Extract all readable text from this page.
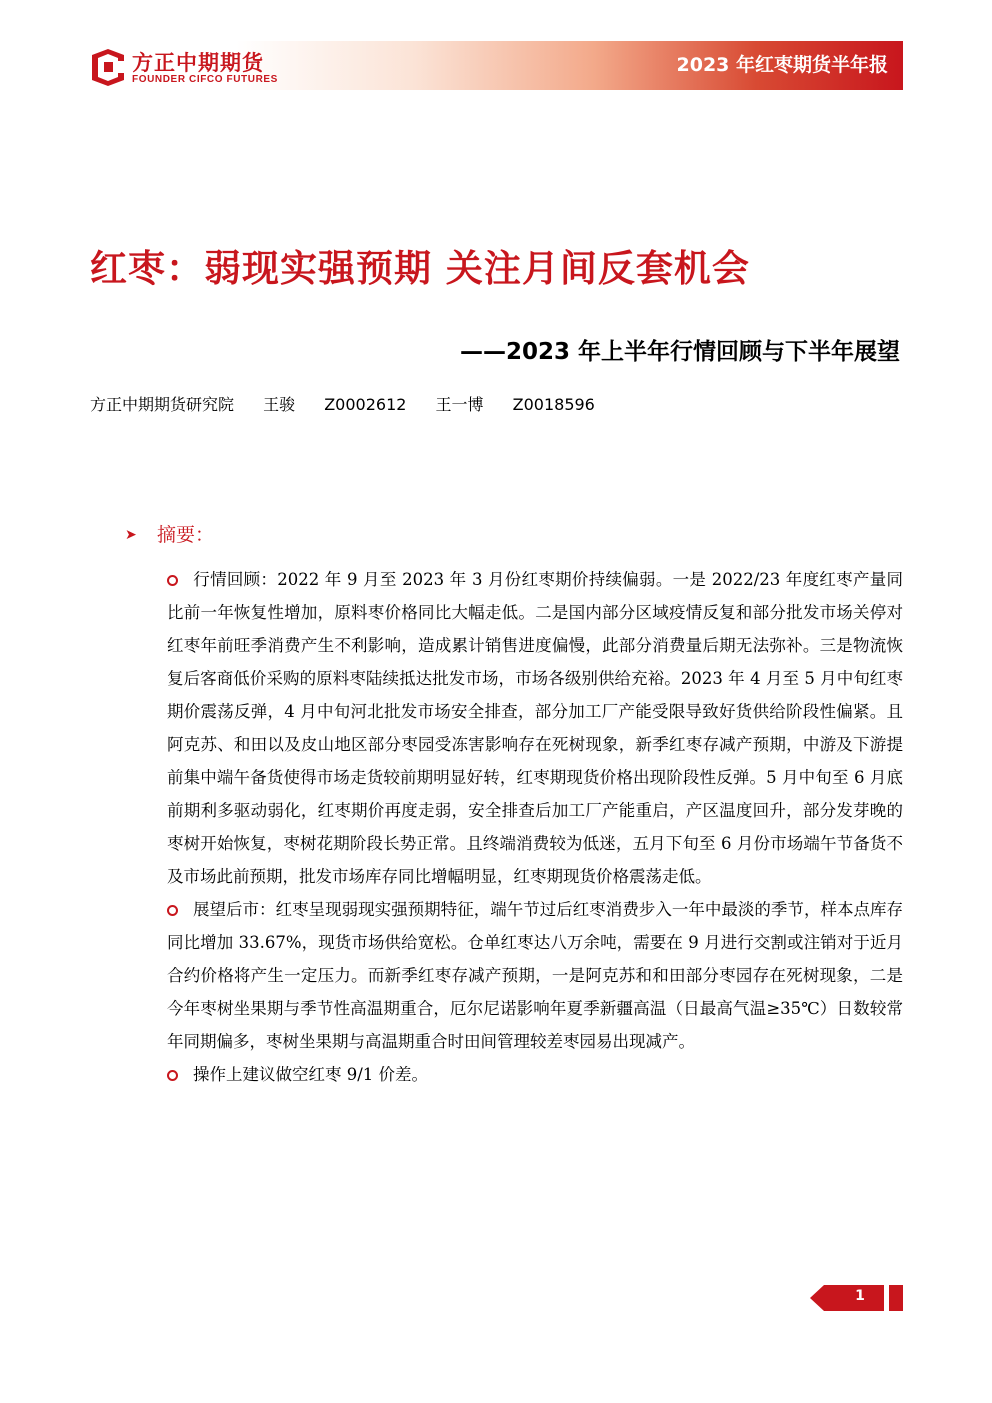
方正中期期货
FOUNDER CIFCO FUTURES
2023 年红枣期货半年报
红枣：弱现实强预期 关注月间反套机会
——2023 年上半年行情回顾与下半年展望
方正中期期货研究院 王骏 Z0002612 王一博 Z0018596
➤ 摘要：
行情回顾：2022 年 9 月至 2023 年 3 月份红枣期价持续偏弱。一是 2022/23 年度红枣产量同比前一年恢复性增加，原料枣价格同比大幅走低。二是国内部分区域疫情反复和部分批发市场关停对红枣年前旺季消费产生不利影响，造成累计销售进度偏慢，此部分消费量后期无法弥补。三是物流恢复后客商低价采购的原料枣陆续抵达批发市场，市场各级别供给充裕。2023 年 4 月至 5 月中旬红枣期价震荡反弹，4 月中旬河北批发市场安全排查，部分加工厂产能受限导致好货供给阶段性偏紧。且阿克苏、和田以及皮山地区部分枣园受冻害影响存在死树现象，新季红枣存减产预期，中游及下游提前集中端午备货使得市场走货较前期明显好转，红枣期现货价格出现阶段性反弹。5 月中旬至 6 月底前期利多驱动弱化，红枣期价再度走弱，安全排查后加工厂产能重启，产区温度回升，部分发芽晚的枣树开始恢复，枣树花期阶段长势正常。且终端消费较为低迷，五月下旬至 6 月份市场端午节备货不及市场此前预期，批发市场库存同比增幅明显，红枣期现货价格震荡走低。
展望后市：红枣呈现弱现实强预期特征，端午节过后红枣消费步入一年中最淡的季节，样本点库存同比增加 33.67%，现货市场供给宽松。仓单红枣达八万余吨，需要在 9 月进行交割或注销对于近月合约价格将产生一定压力。而新季红枣存减产预期，一是阿克苏和和田部分枣园存在死树现象，二是今年枣树坐果期与季节性高温期重合，厄尔尼诺影响年夏季新疆高温（日最高气温≥35℃）日数较常年同期偏多，枣树坐果期与高温期重合时田间管理较差枣园易出现减产。
操作上建议做空红枣 9/1 价差。
1
